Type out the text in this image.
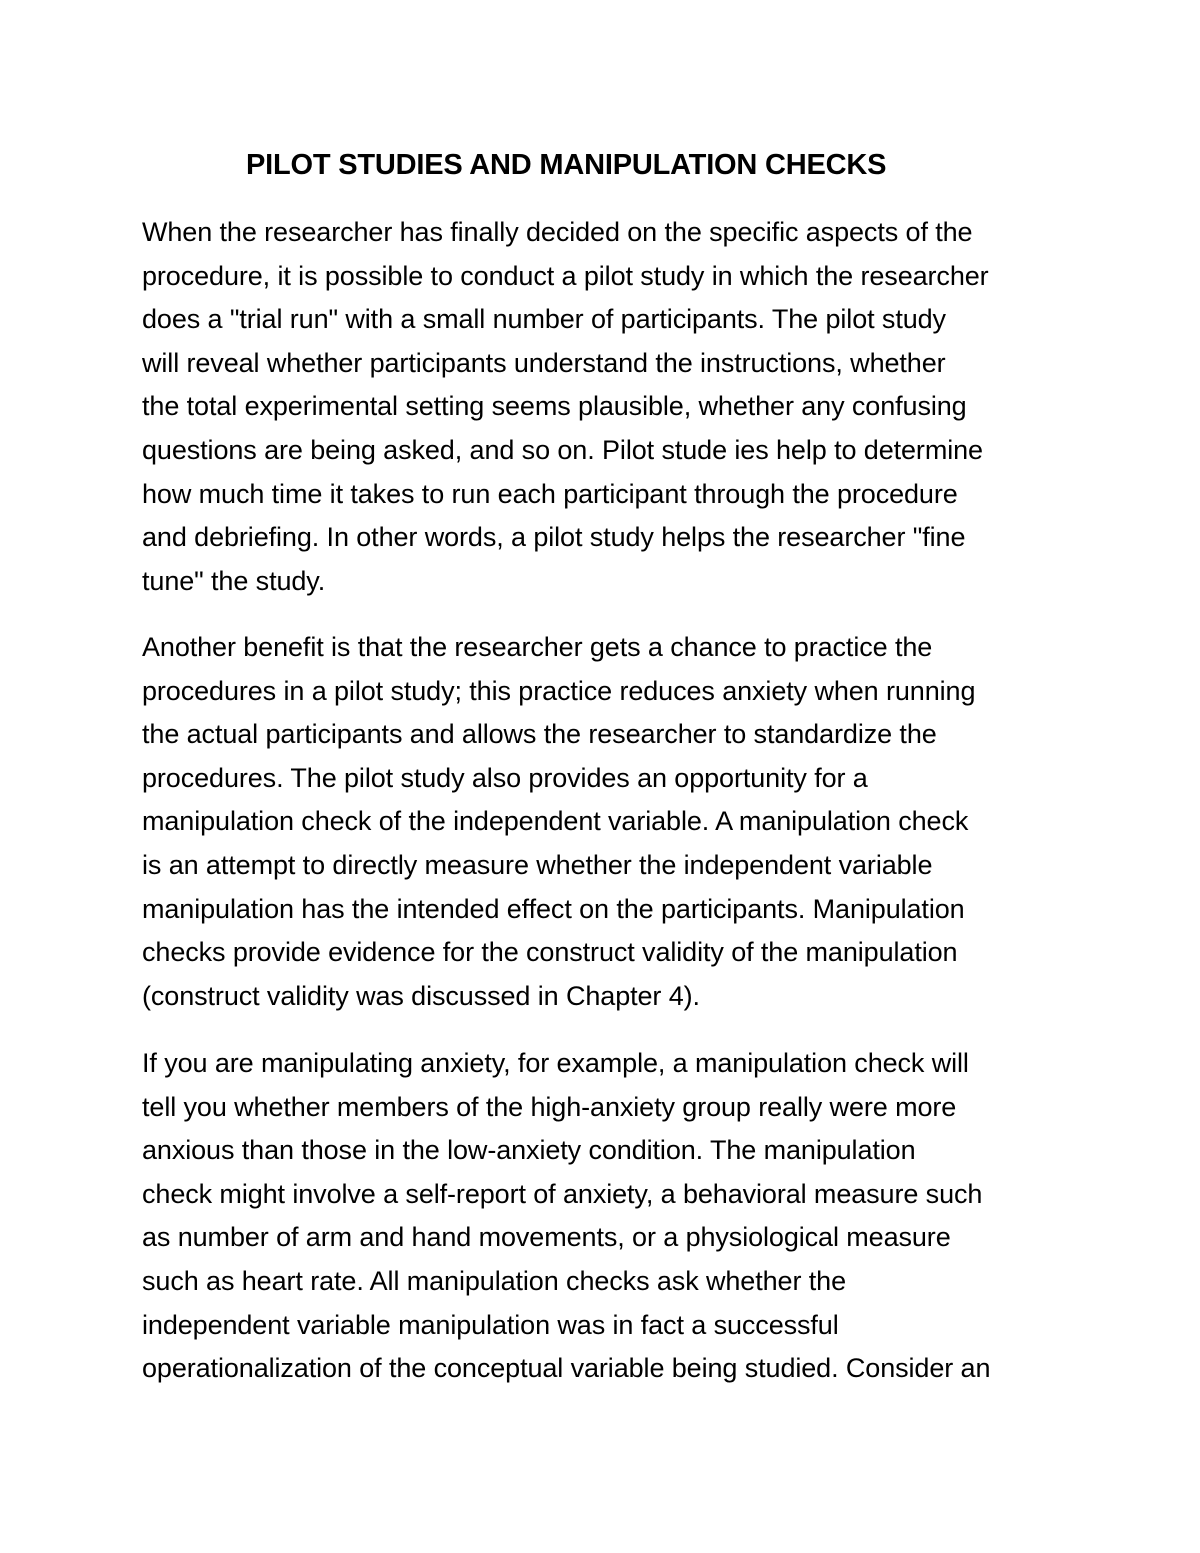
PILOT STUDIES AND MANIPULATION CHECKS

When the researcher has finally decided on the specific aspects of the
procedure, it is possible to conduct a pilot study in which the researcher
does a "trial run" with a small number of participants. The pilot study
will reveal whether participants understand the instructions, whether
the total experimental setting seems plausible, whether any confusing
questions are being asked, and so on. Pilot stude ies help to determine
how much time it takes to run each participant through the procedure
and debriefing. In other words, a pilot study helps the researcher "fine
tune" the study.

Another benefit is that the researcher gets a chance to practice the
procedures in a pilot study; this practice reduces anxiety when running
the actual participants and allows the researcher to standardize the
procedures. The pilot study also provides an opportunity for a
manipulation check of the independent variable. A manipulation check
is an attempt to directly measure whether the independent variable
manipulation has the intended effect on the participants. Manipulation
checks provide evidence for the construct validity of the manipulation
(construct validity was discussed in Chapter 4).

If you are manipulating anxiety, for example, a manipulation check will
tell you whether members of the high-anxiety group really were more
anxious than those in the low-anxiety condition. The manipulation
check might involve a self-report of anxiety, a behavioral measure such
as number of arm and hand movements, or a physiological measure
such as heart rate. All manipulation checks ask whether the
independent variable manipulation was in fact a successful
operationalization of the conceptual variable being studied. Consider an
